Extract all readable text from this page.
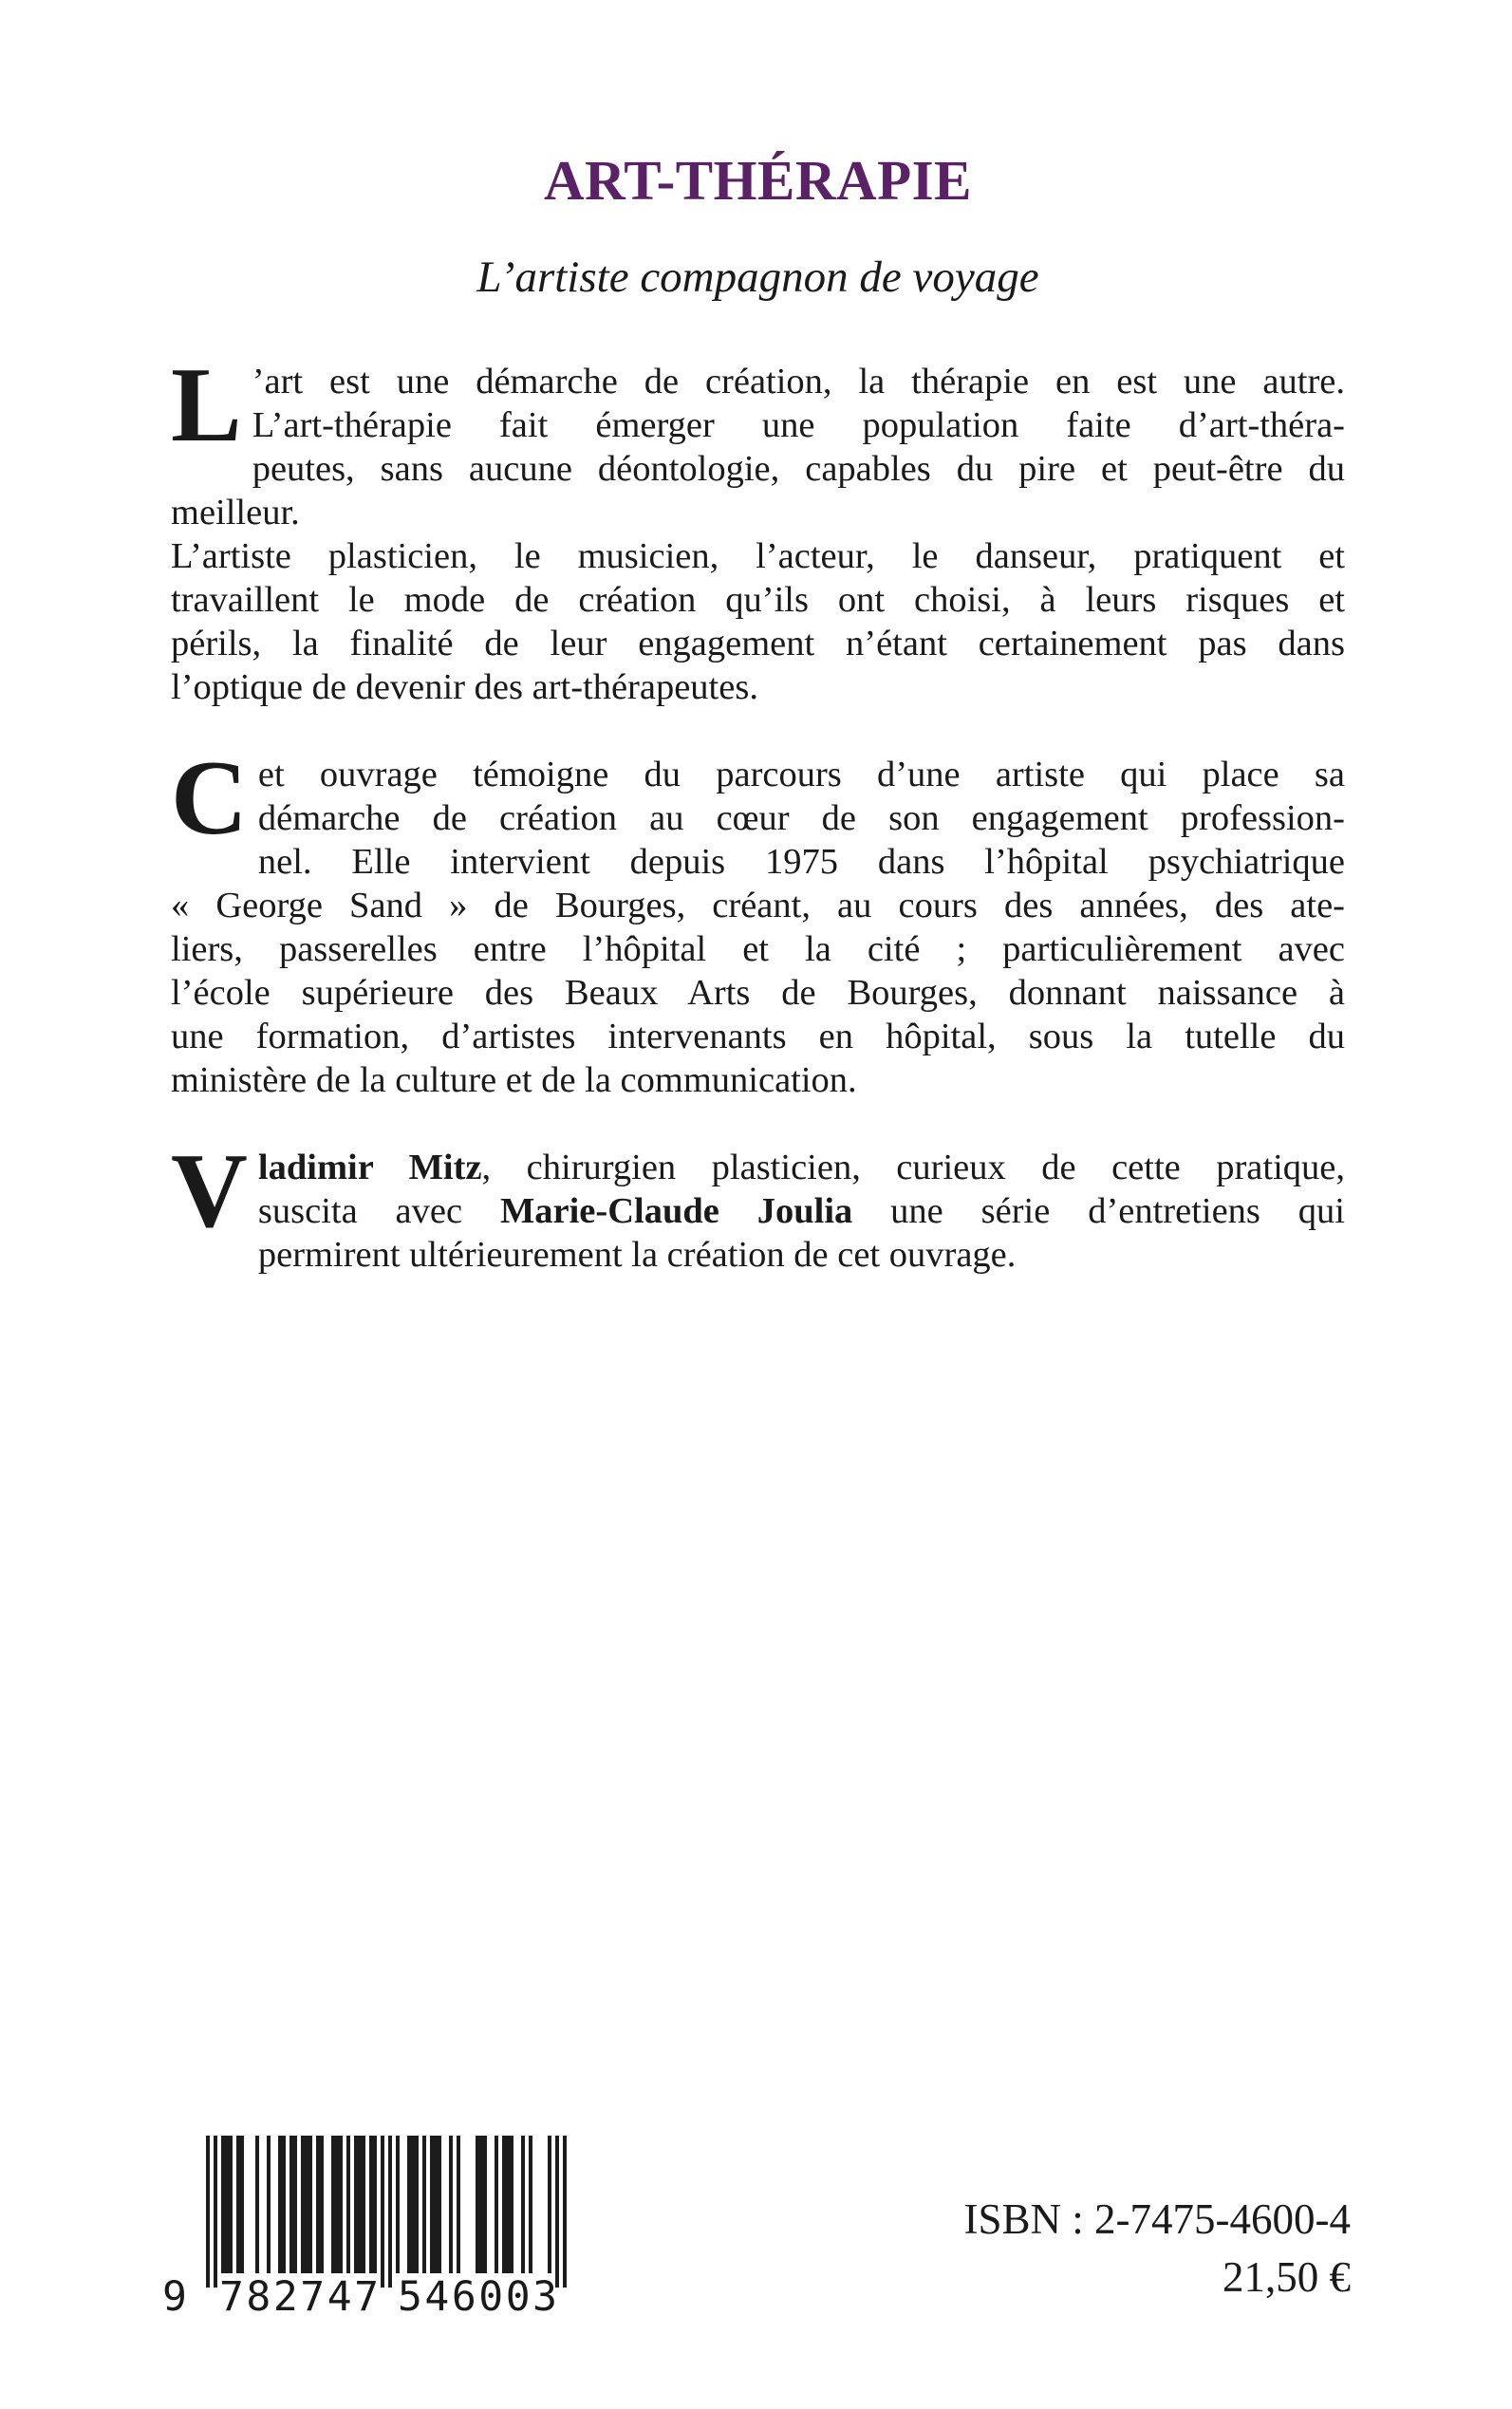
ART-THÉRAPIE
L’artiste compagnon de voyage
L ’art est une démarche de création, la thérapie en est une autre.
L’art-thérapie fait émerger une population faite d’art-théra-
peutes, sans aucune déontologie, capables du pire et peut-être du
meilleur.
L’artiste plasticien, le musicien, l’acteur, le danseur, pratiquent et
travaillent le mode de création qu’ils ont choisi, à leurs risques et
périls, la finalité de leur engagement n’étant certainement pas dans
l’optique de devenir des art-thérapeutes.
C et ouvrage témoigne du parcours d’une artiste qui place sa
démarche de création au cœur de son engagement profession-
nel. Elle intervient depuis 1975 dans l’hôpital psychiatrique
« George Sand » de Bourges, créant, au cours des années, des ate-
liers, passerelles entre l’hôpital et la cité ; particulièrement avec
l’école supérieure des Beaux Arts de Bourges, donnant naissance à
une formation, d’artistes intervenants en hôpital, sous la tutelle du
ministère de la culture et de la communication.
V ladimir Mitz, chirurgien plasticien, curieux de cette pratique,
suscita avec Marie-Claude Joulia une série d’entretiens qui
permirent ultérieurement la création de cet ouvrage.
9 7 8 2 7 4 7 5 4 6 0 0 3
ISBN : 2-7475-4600-4
21,50 €
